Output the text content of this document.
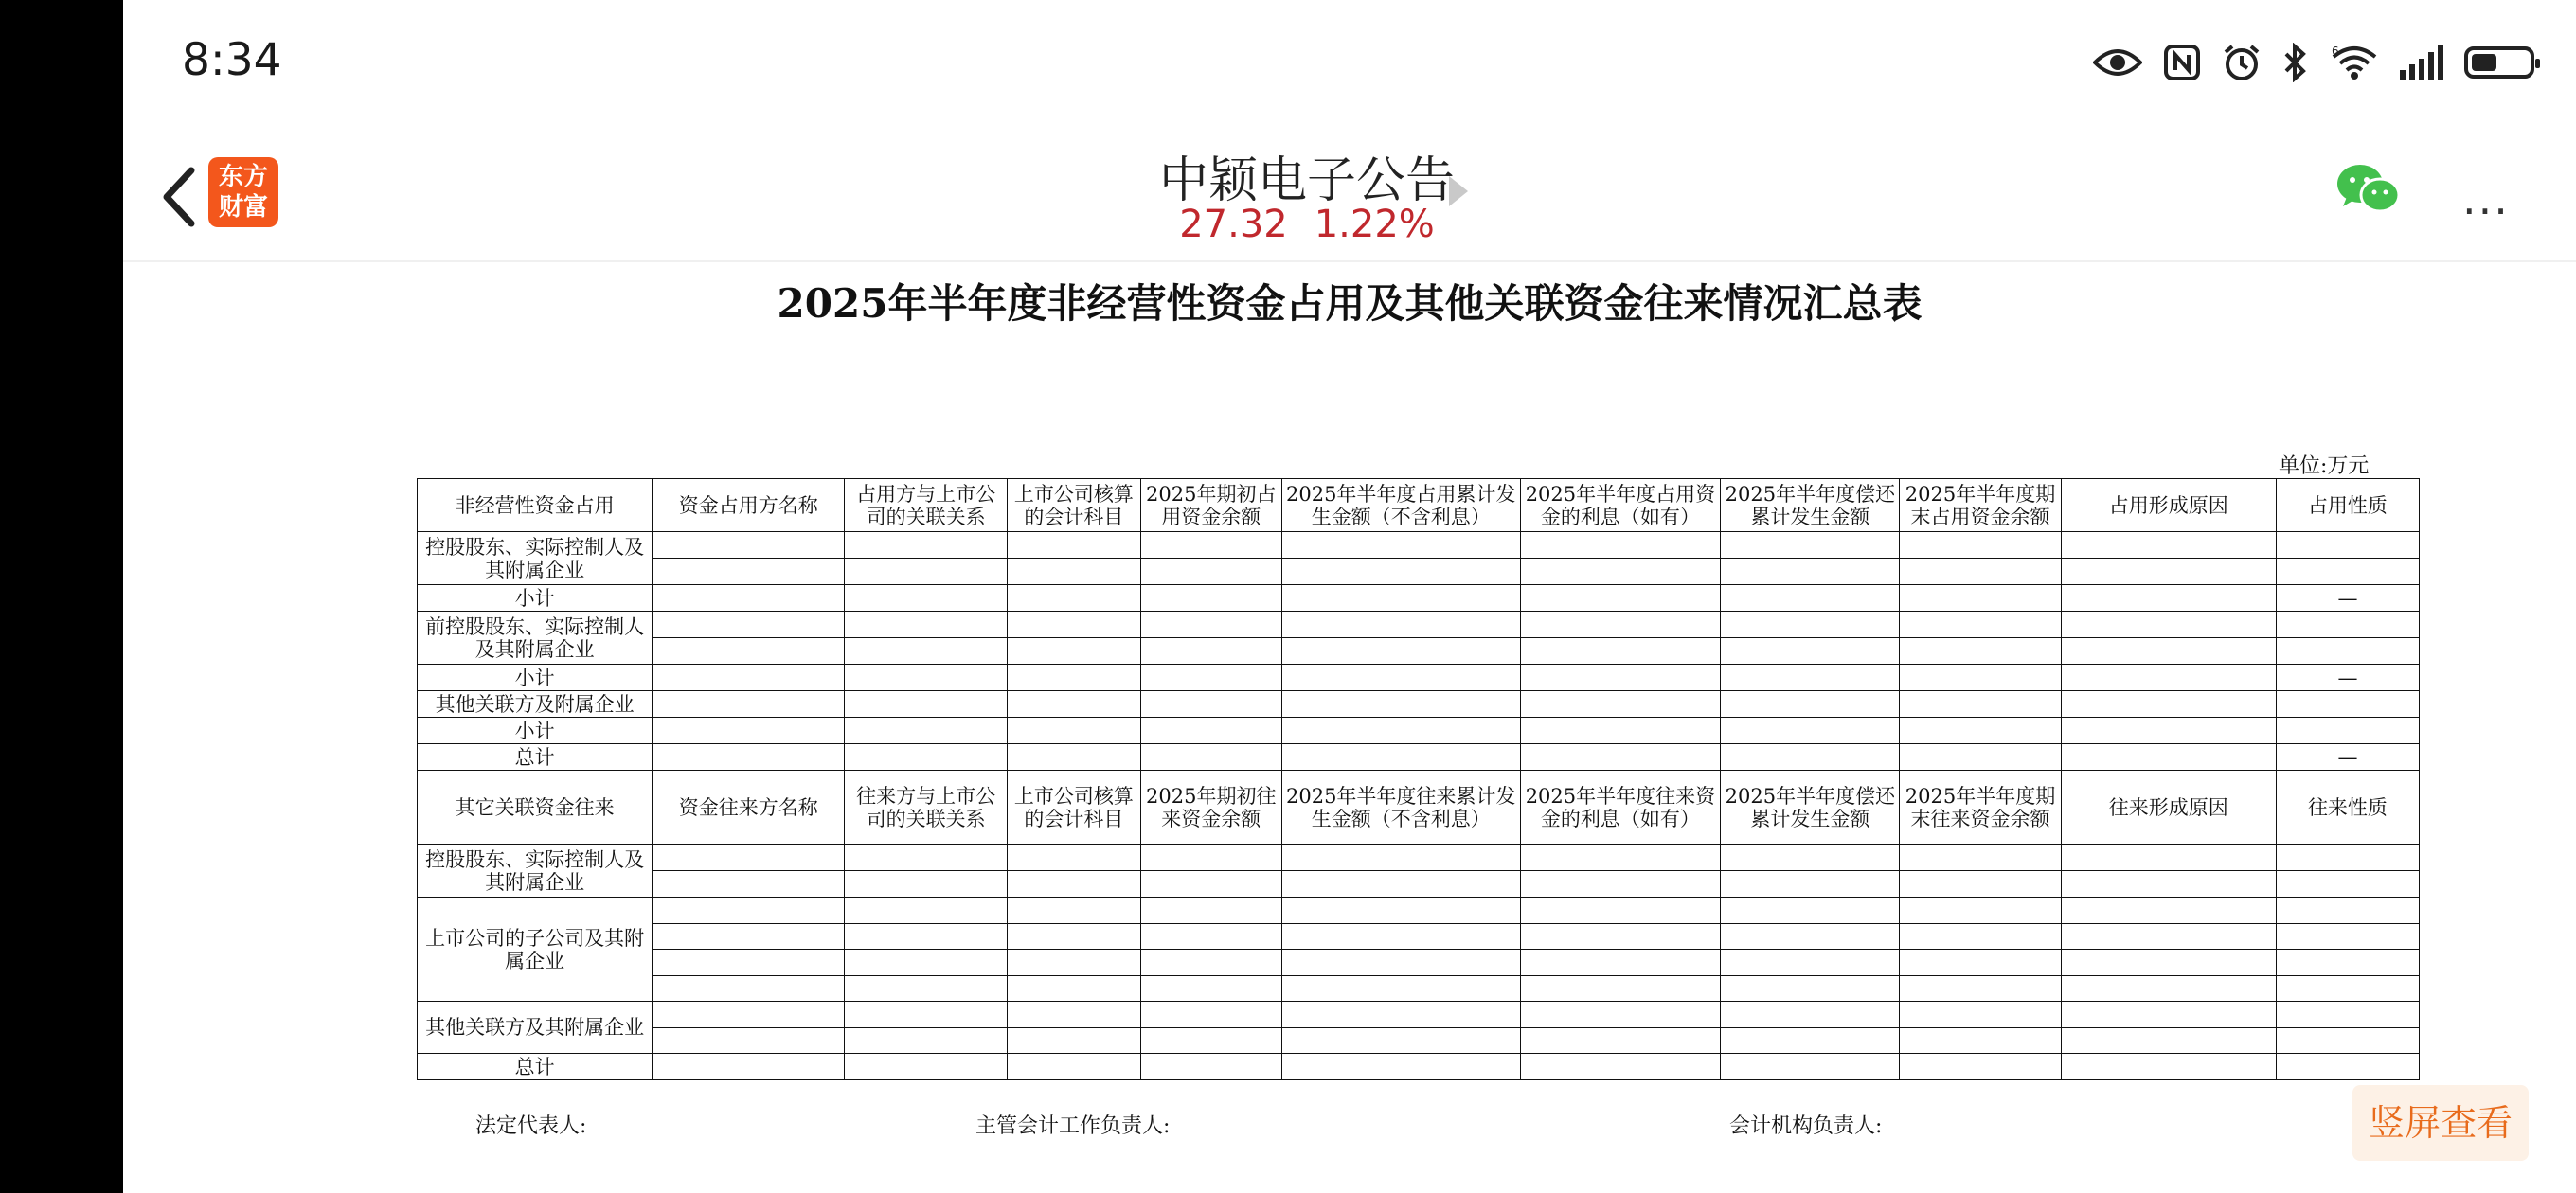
8:34	6
东方
财富	中颖电子公告
27.32 1.22%	···
2025年半年度非经营性资金占用及其他关联资金往来情况汇总表
单位:万元
非经营性资金占用	资金占用方名称	占用方与上市公司的关联关系	上市公司核算的会计科目	2025年期初占用资金余额	2025年半年度占用累计发生金额（不含利息）	2025年半年度占用资金的利息（如有）	2025年半年度偿还累计发生金额	2025年半年度期末占用资金余额	占用形成原因	占用性质
控股股东、实际控制人及其附属企业										

小计										—
前控股股东、实际控制人及其附属企业										

小计										—
其他关联方及附属企业										
小计										
总计										—
其它关联资金往来	资金往来方名称	往来方与上市公司的关联关系	上市公司核算的会计科目	2025年期初往来资金余额	2025年半年度往来累计发生金额（不含利息）	2025年半年度往来资金的利息（如有）	2025年半年度偿还累计发生金额	2025年半年度期末往来资金余额	往来形成原因	往来性质
控股股东、实际控制人及其附属企业										

上市公司的子公司及其附属企业										

其他关联方及其附属企业										

总计										
法定代表人:	主管会计工作负责人:	会计机构负责人:	竖屏查看
